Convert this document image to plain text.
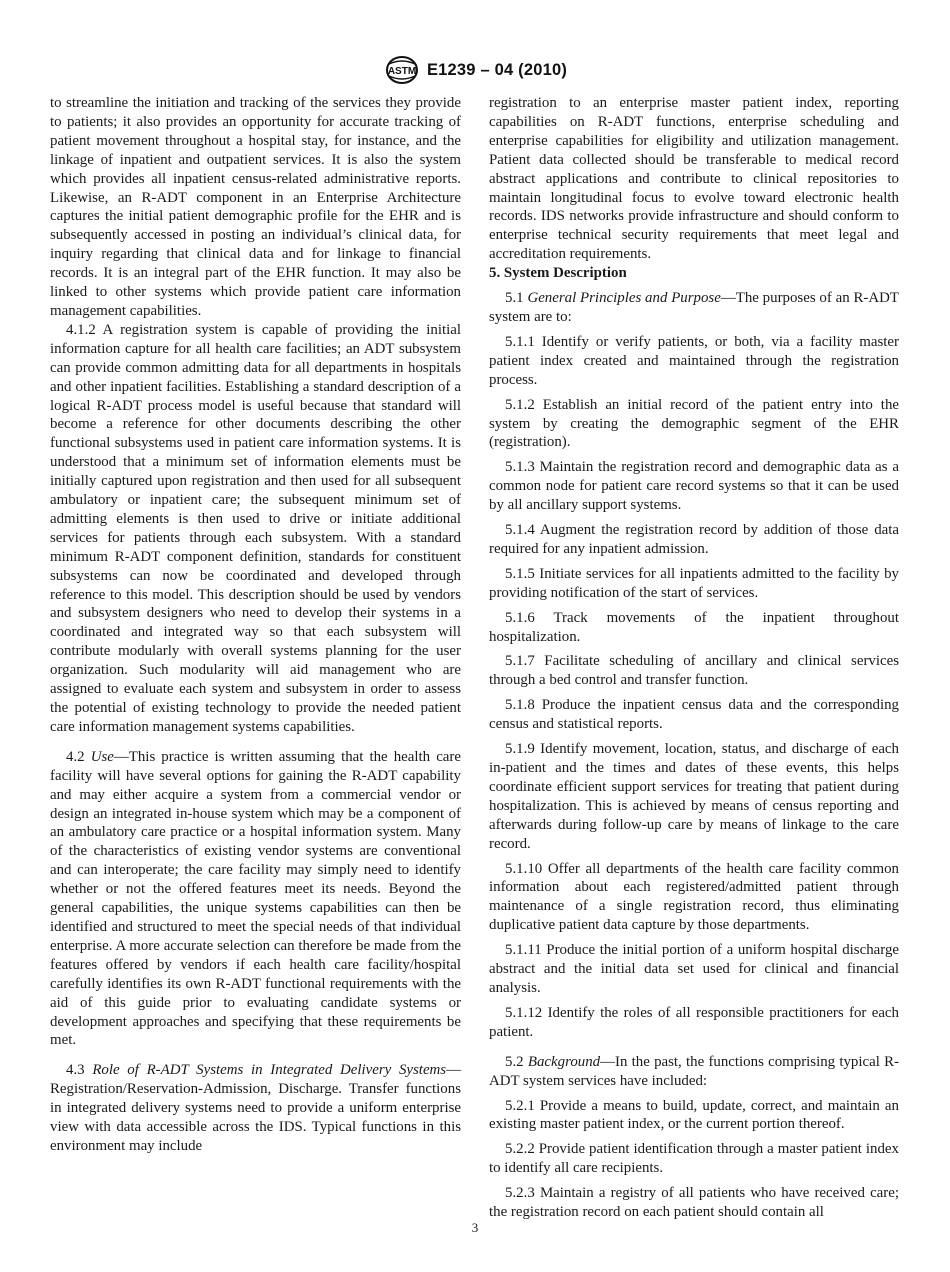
ASTM E1239 – 04 (2010)

to streamline the initiation and tracking of the services they provide to patients; it also provides an opportunity for accurate tracking of patient movement throughout a hospital stay, for instance, and the linkage of inpatient and outpatient services. It is also the system which provides all inpatient census-related administrative reports. Likewise, an R-ADT component in an Enterprise Architecture captures the initial patient demographic profile for the EHR and is subsequently accessed in posting an individual’s clinical data, for inquiry regarding that clinical data and for linkage to financial records. It is an integral part of the EHR function. It may also be linked to other systems which provide patient care information management capabilities.

4.1.2 A registration system is capable of providing the initial information capture for all health care facilities; an ADT subsystem can provide common admitting data for all departments in hospitals and other inpatient facilities. Establishing a standard description of a logical R-ADT process model is useful because that standard will become a reference for other documents describing the other functional subsystems used in patient care information systems. It is understood that a minimum set of information elements must be initially captured upon registration and then used for all subsequent ambulatory or inpatient care; the subsequent minimum set of admitting elements is then used to drive or initiate additional services for patients through each subsystem. With a standard minimum R-ADT component definition, standards for constituent subsystems can now be coordinated and developed through reference to this model. This description should be used by vendors and subsystem designers who need to develop their systems in a coordinated and integrated way so that each subsystem will contribute modularly with overall systems planning for the user organization. Such modularity will aid management who are assigned to evaluate each system and subsystem in order to assess the potential of existing technology to provide the needed patient care information management systems capabilities.

4.2 Use—This practice is written assuming that the health care facility will have several options for gaining the R-ADT capability and may either acquire a system from a commercial vendor or design an integrated in-house system which may be a component of an ambulatory care practice or a hospital information system. Many of the characteristics of existing vendor systems are conventional and can interoperate; the care facility may simply need to identify whether or not the offered features meet its needs. Beyond the general capabilities, the unique systems capabilities can then be identified and structured to meet the special needs of that individual enterprise. A more accurate selection can therefore be made from the features offered by vendors if each health care facility/hospital carefully identifies its own R-ADT functional requirements with the aid of this guide prior to evaluating candidate systems or development approaches and specifying that these requirements be met.

4.3 Role of R-ADT Systems in Integrated Delivery Systems—Registration/Reservation-Admission, Discharge. Transfer functions in integrated delivery systems need to provide a uniform enterprise view with data accessible across the IDS. Typical functions in this environment may include

registration to an enterprise master patient index, reporting capabilities on R-ADT functions, enterprise scheduling and enterprise capabilities for eligibility and utilization management. Patient data collected should be transferable to medical record abstract applications and contribute to clinical repositories to maintain longitudinal focus to evolve toward electronic health records. IDS networks provide infrastructure and should conform to enterprise technical security requirements that meet legal and accreditation requirements.

5. System Description

5.1 General Principles and Purpose—The purposes of an R-ADT system are to:

5.1.1 Identify or verify patients, or both, via a facility master patient index created and maintained through the registration process.

5.1.2 Establish an initial record of the patient entry into the system by creating the demographic segment of the EHR (registration).

5.1.3 Maintain the registration record and demographic data as a common node for patient care record systems so that it can be used by all ancillary support systems.

5.1.4 Augment the registration record by addition of those data required for any inpatient admission.

5.1.5 Initiate services for all inpatients admitted to the facility by providing notification of the start of services.

5.1.6 Track movements of the inpatient throughout hospitalization.

5.1.7 Facilitate scheduling of ancillary and clinical services through a bed control and transfer function.

5.1.8 Produce the inpatient census data and the corresponding census and statistical reports.

5.1.9 Identify movement, location, status, and discharge of each in-patient and the times and dates of these events, this helps coordinate efficient support services for treating that patient during hospitalization. This is achieved by means of census reporting and afterwards during follow-up care by means of linkage to the care record.

5.1.10 Offer all departments of the health care facility common information about each registered/admitted patient through maintenance of a single registration record, thus eliminating duplicative patient data capture by those departments.

5.1.11 Produce the initial portion of a uniform hospital discharge abstract and the initial data set used for clinical and financial analysis.

5.1.12 Identify the roles of all responsible practitioners for each patient.

5.2 Background—In the past, the functions comprising typical R-ADT system services have included:

5.2.1 Provide a means to build, update, correct, and maintain an existing master patient index, or the current portion thereof.

5.2.2 Provide patient identification through a master patient index to identify all care recipients.

5.2.3 Maintain a registry of all patients who have received care; the registration record on each patient should contain all

3
